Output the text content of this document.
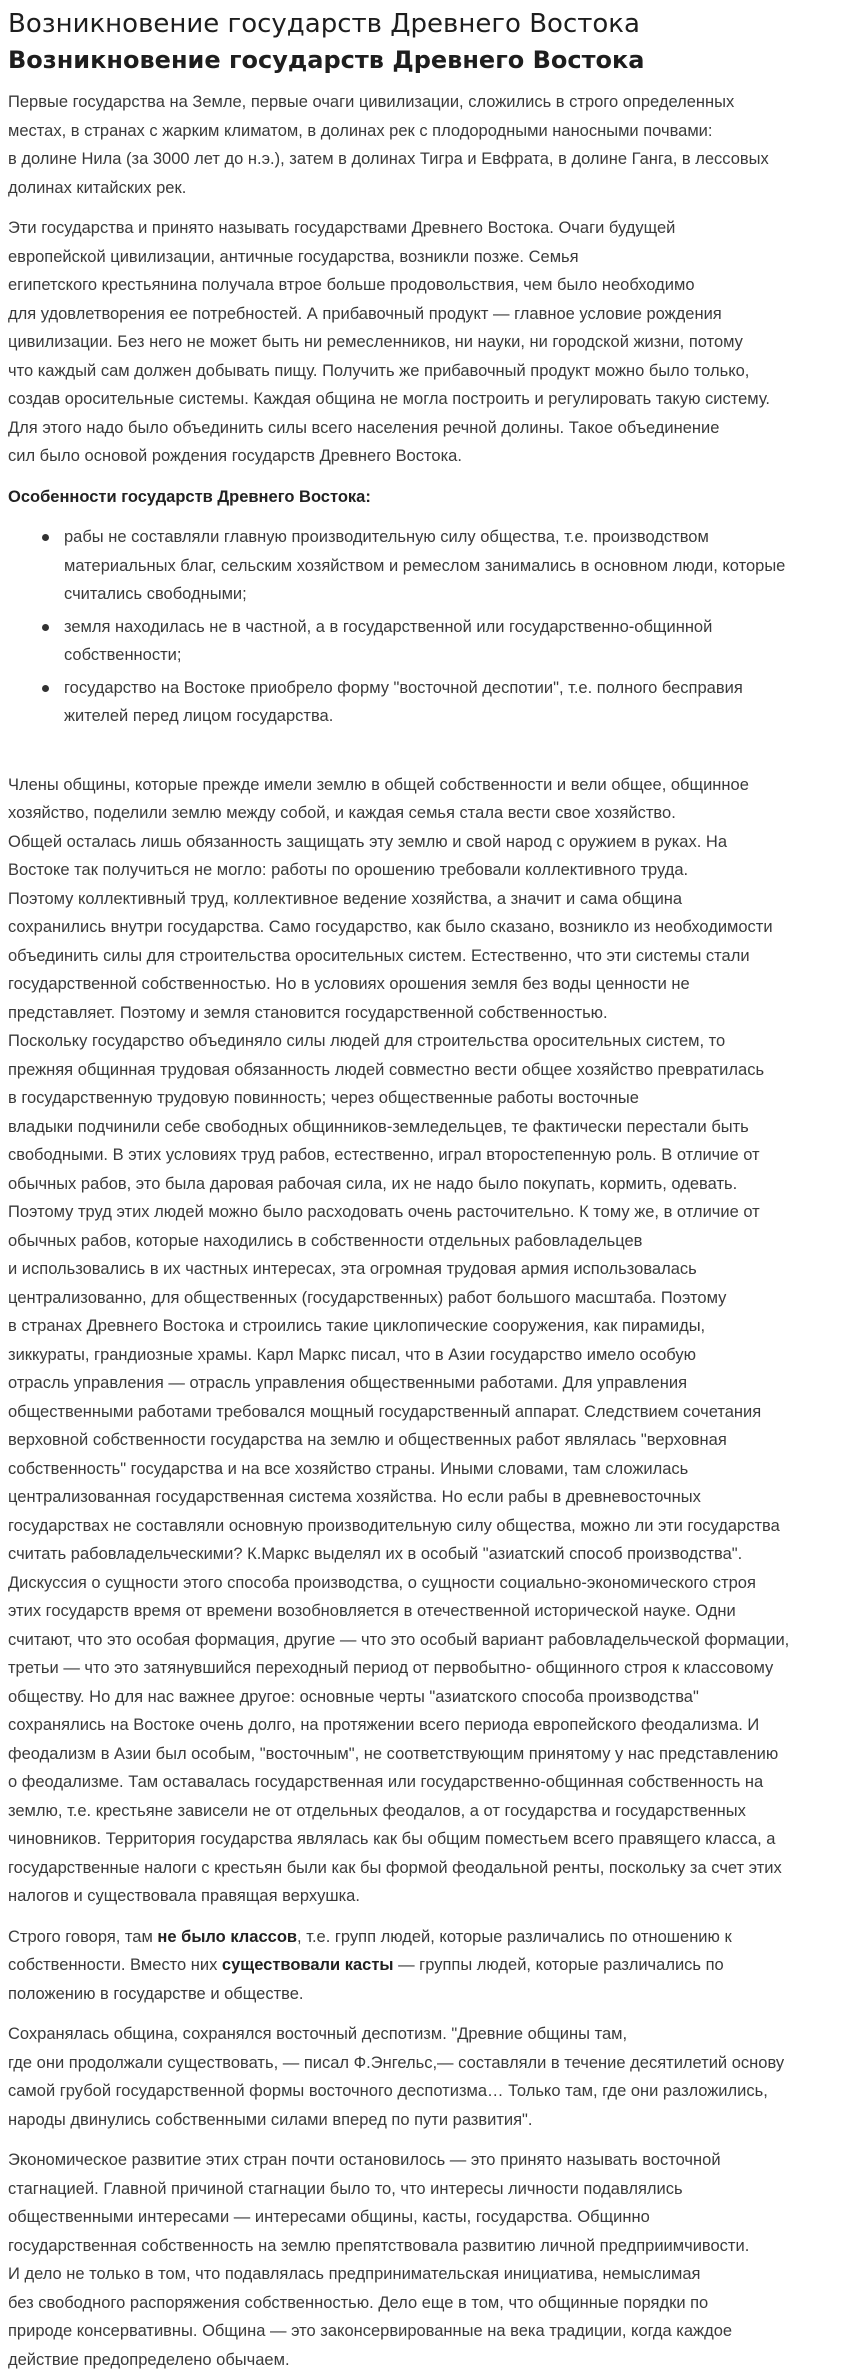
Возникновение государств Древнего Востока
Возникновение государств Древнего Востока

Первые государства на Земле, первые очаги цивилизации, сложились в строго определенных
местах, в странах с жарким климатом, в долинах рек с плодородными наносными почвами:
в долине Нила (за 3000 лет до н.э.), затем в долинах Тигра и Евфрата, в долине Ганга, в лессовых
долинах китайских рек.

Эти государства и принято называть государствами Древнего Востока. Очаги будущей
европейской цивилизации, античные государства, возникли позже. Семья
египетского крестьянина получала втрое больше продовольствия, чем было необходимо
для удовлетворения ее потребностей. А прибавочный продукт — главное условие рождения
цивилизации. Без него не может быть ни ремесленников, ни науки, ни городской жизни, потому
что каждый сам должен добывать пищу. Получить же прибавочный продукт можно было только,
создав оросительные системы. Каждая община не могла построить и регулировать такую систему.
Для этого надо было объединить силы всего населения речной долины. Такое объединение
сил было основой рождения государств Древнего Востока.

Особенности государств Древнего Востока:

рабы не составляли главную производительную силу общества, т.е. производством
материальных благ, сельским хозяйством и ремеслом занимались в основном люди, которые
считались свободными;
земля находилась не в частной, а в государственной или государственно-общинной
собственности;
государство на Востоке приобрело форму "восточной деспотии", т.е. полного бесправия
жителей перед лицом государства.

Члены общины, которые прежде имели землю в общей собственности и вели общее, общинное
хозяйство, поделили землю между собой, и каждая семья стала вести свое хозяйство.
Общей осталась лишь обязанность защищать эту землю и свой народ с оружием в руках. На
Востоке так получиться не могло: работы по орошению требовали коллективного труда.
Поэтому коллективный труд, коллективное ведение хозяйства, а значит и сама община
сохранились внутри государства. Само государство, как было сказано, возникло из необходимости
объединить силы для строительства оросительных систем. Естественно, что эти системы стали
государственной собственностью. Но в условиях орошения земля без воды ценности не
представляет. Поэтому и земля становится государственной собственностью.
Поскольку государство объединяло силы людей для строительства оросительных систем, то
прежняя общинная трудовая обязанность людей совместно вести общее хозяйство превратилась
в государственную трудовую повинность; через общественные работы восточные
владыки подчинили себе свободных общинников-земледельцев, те фактически перестали быть
свободными. В этих условиях труд рабов, естественно, играл второстепенную роль. В отличие от
обычных рабов, это была даровая рабочая сила, их не надо было покупать, кормить, одевать.
Поэтому труд этих людей можно было расходовать очень расточительно. К тому же, в отличие от
обычных рабов, которые находились в собственности отдельных рабовладельцев
и использовались в их частных интересах, эта огромная трудовая армия использовалась
централизованно, для общественных (государственных) работ большого масштаба. Поэтому
в странах Древнего Востока и строились такие циклопические сооружения, как пирамиды,
зиккураты, грандиозные храмы. Карл Маркс писал, что в Азии государство имело особую
отрасль управления — отрасль управления общественными работами. Для управления
общественными работами требовался мощный государственный аппарат. Следствием сочетания
верховной собственности государства на землю и общественных работ являлась "верховная
собственность" государства и на все хозяйство страны. Иными словами, там сложилась
централизованная государственная система хозяйства. Но если рабы в древневосточных
государствах не составляли основную производительную силу общества, можно ли эти государства
считать рабовладельческими? К.Маркс выделял их в особый "азиатский способ производства".
Дискуссия о сущности этого способа производства, о сущности социально-экономического строя
этих государств время от времени возобновляется в отечественной исторической науке. Одни
считают, что это особая формация, другие — что это особый вариант рабовладельческой формации,
третьи — что это затянувшийся переходный период от первобытно- общинного строя к классовому
обществу. Но для нас важнее другое: основные черты "азиатского способа производства"
сохранялись на Востоке очень долго, на протяжении всего периода европейского феодализма. И
феодализм в Азии был особым, "восточным", не соответствующим принятому у нас представлению
о феодализме. Там оставалась государственная или государственно-общинная собственность на
землю, т.е. крестьяне зависели не от отдельных феодалов, а от государства и государственных
чиновников. Территория государства являлась как бы общим поместьем всего правящего класса, а
государственные налоги с крестьян были как бы формой феодальной ренты, поскольку за счет этих
налогов и существовала правящая верхушка.

Строго говоря, там не было классов, т.е. групп людей, которые различались по отношению к
собственности. Вместо них существовали касты — группы людей, которые различались по
положению в государстве и обществе.

Сохранялась община, сохранялся восточный деспотизм. "Древние общины там,
где они продолжали существовать, — писал Ф.Энгельс,— составляли в течение десятилетий основу
самой грубой государственной формы восточного деспотизма… Только там, где они разложились,
народы двинулись собственными силами вперед по пути развития".

Экономическое развитие этих стран почти остановилось — это принято называть восточной
стагнацией. Главной причиной стагнации было то, что интересы личности подавлялись
общественными интересами — интересами общины, касты, государства. Общинно
государственная собственность на землю препятствовала развитию личной предприимчивости.
И дело не только в том, что подавлялась предпринимательская инициатива, немыслимая
без свободного распоряжения собственностью. Дело еще в том, что общинные порядки по
природе консервативны. Община — это законсервированные на века традиции, когда каждое
действие предопределено обычаем.
